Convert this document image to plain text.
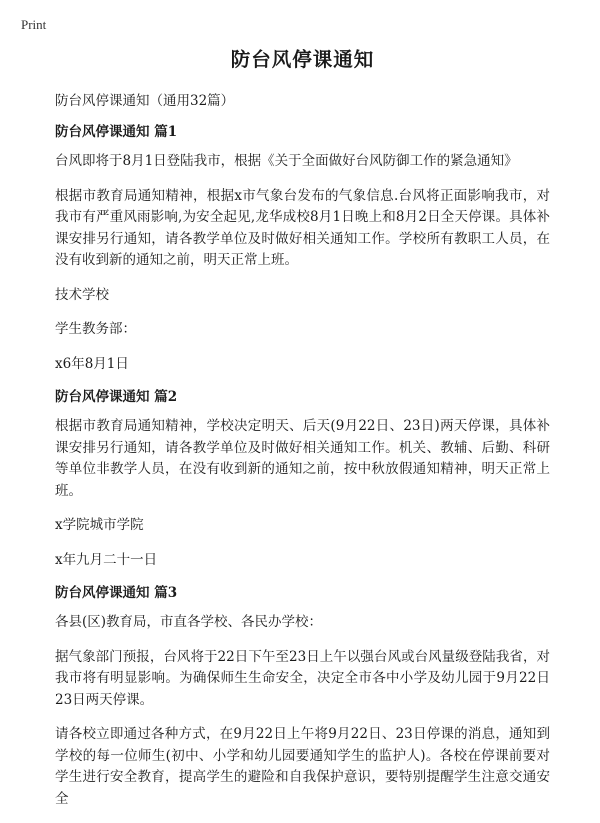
Print
防台风停课通知
防台风停课通知（通用32篇）
防台风停课通知 篇1

台风即将于8月1日登陆我市，根据《关于全面做好台风防御工作的紧急通知》

根据市教育局通知精神，根据x市气象台发布的气象信息.台风将正面影响我市，对我市有严重风雨影响,为安全起见,龙华成校8月1日晚上和8月2日全天停课。具体补课安排另行通知，请各教学单位及时做好相关通知工作。学校所有教职工人员，在没有收到新的通知之前，明天正常上班。

技术学校

学生教务部：

x6年8月1日

防台风停课通知 篇2

根据市教育局通知精神，学校决定明天、后天(9月22日、23日)两天停课，具体补课安排另行通知，请各教学单位及时做好相关通知工作。机关、教辅、后勤、科研等单位非教学人员，在没有收到新的通知之前，按中秋放假通知精神，明天正常上班。

x学院城市学院

x年九月二十一日

防台风停课通知 篇3

各县(区)教育局，市直各学校、各民办学校：

据气象部门预报，台风将于22日下午至23日上午以强台风或台风量级登陆我省，对我市将有明显影响。为确保师生生命安全，决定全市各中小学及幼儿园于9月22日23日两天停课。

请各校立即通过各种方式，在9月22日上午将9月22日、23日停课的消息，通知到学校的每一位师生(初中、小学和幼儿园要通知学生的监护人)。各校在停课前要对学生进行安全教育，提高学生的避险和自我保护意识，要特别提醒学生注意交通安全
